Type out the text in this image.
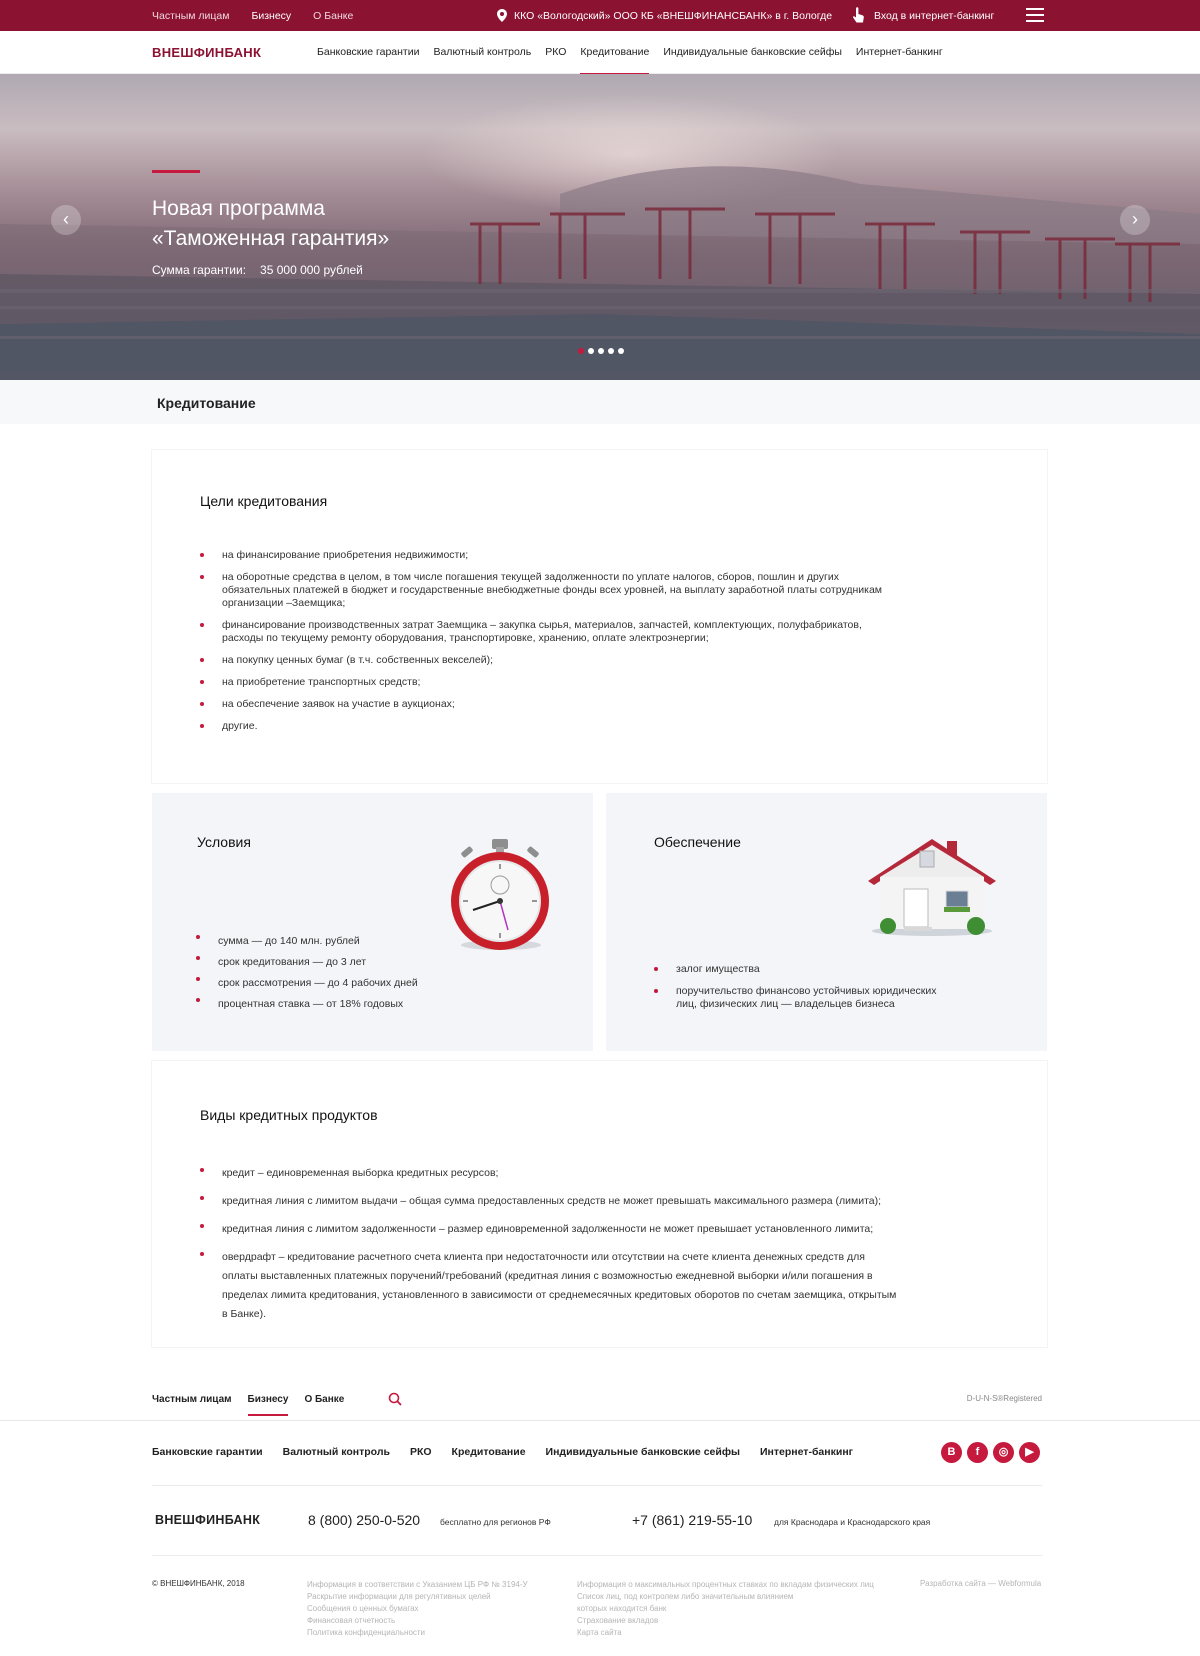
Частным лицам Бизнесу О Банке	ККО «Вологодский» ООО КБ «ВНЕШФИНАНСБАНК» в г. Вологде	Вход в интернет-банкинг
ВНЕШФИНБАНК	Банковские гарантии	Валютный контроль	РКО	Кредитование	Индивидуальные банковские сейфы	Интернет-банкинг
Новая программа
«Таможенная гарантия»
Сумма гарантии: 35 000 000 рублей
‹	›
Кредитование
Цели кредитования
на финансирование приобретения недвижимости;
на оборотные средства в целом, в том числе погашения текущей задолженности по уплате налогов, сборов, пошлин и других обязательных платежей в бюджет и государственные внебюджетные фонды всех уровней, на выплату заработной платы сотрудникам организации –Заемщика;
финансирование производственных затрат Заемщика – закупка сырья, материалов, запчастей, комплектующих, полуфабрикатов, расходы по текущему ремонту оборудования, транспортировке, хранению, оплате электроэнергии;
на покупку ценных бумаг (в т.ч. собственных векселей);
на приобретение транспортных средств;
на обеспечение заявок на участие в аукционах;
другие.
Условия
сумма — до 140 млн. рублей
срок кредитования — до 3 лет
срок рассмотрения — до 4 рабочих дней
процентная ставка — от 18% годовых
Обеспечение
залог имущества
поручительство финансово устойчивых юридических лиц, физических лиц — владельцев бизнеса
Виды кредитных продуктов
кредит – единовременная выборка кредитных ресурсов;
кредитная линия с лимитом выдачи – общая сумма предоставленных средств не может превышать максимального размера (лимита);
кредитная линия с лимитом задолженности – размер единовременной задолженности не может превышает установленного лимита;
овердрафт – кредитование расчетного счета клиента при недостаточности или отсутствии на счете клиента денежных средств для оплаты выставленных платежных поручений/требований (кредитная линия с возможностью ежедневной выборки и/или погашения в пределах лимита кредитования, установленного в зависимости от среднемесячных кредитовых оборотов по счетам заемщика, открытым в Банке).
Частным лицам Бизнесу О Банке	D-U-N-S®Registered
Банковские гарантии Валютный контроль РКО Кредитование Индивидуальные банковские сейфы Интернет-банкинг	В	f	◎	▶
ВНЕШФИНБАНК	8 (800) 250-0-520 бесплатно для регионов РФ	+7 (861) 219-55-10	для Краснодара и Краснодарского края
© ВНЕШФИНБАНК, 2018	Информация в соответствии с Указанием ЦБ РФ № 3194-У
Раскрытие информации для регулятивных целей
Сообщения о ценных бумагах
Финансовая отчетность
Политика конфиденциальности
Информация о максимальных процентных ставках по вкладам физических лиц
Список лиц, под контролем либо значительным влиянием
которых находится банк
Страхование вкладов
Карта сайта
Разработка сайта — Webformula
